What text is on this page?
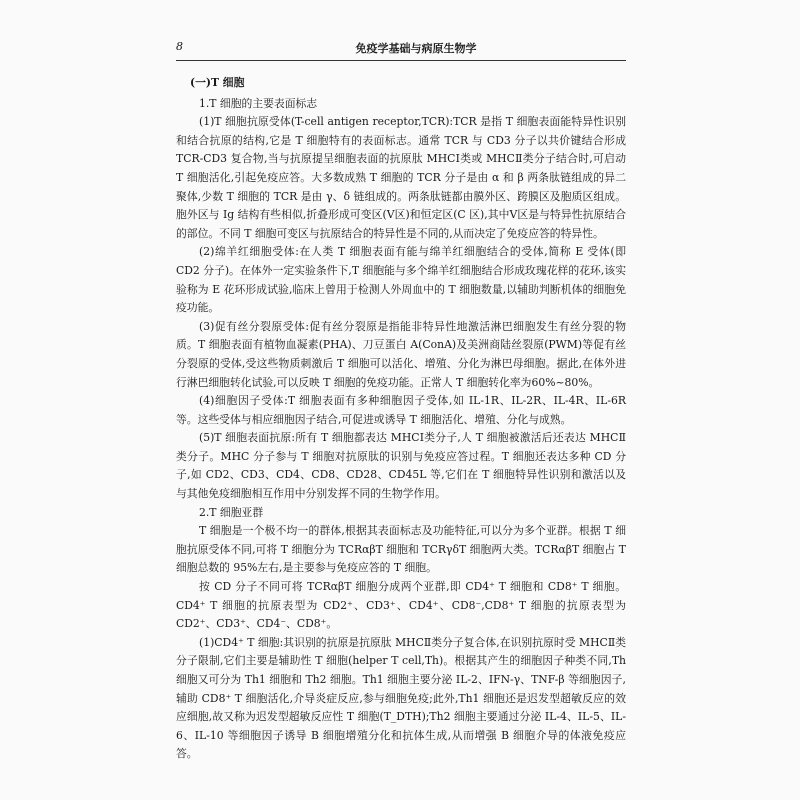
8	免疫学基础与病原生物学
(一)T 细胞
1.T 细胞的主要表面标志

(1)T 细胞抗原受体(T-cell antigen receptor,TCR):TCR 是指 T 细胞表面能特异性识别和结合抗原的结构,它是 T 细胞特有的表面标志。通常 TCR 与 CD3 分子以共价键结合形成 TCR-CD3 复合物,当与抗原提呈细胞表面的抗原肽 MHCⅠ类或 MHCⅡ类分子结合时,可启动 T 细胞活化,引起免疫应答。大多数成熟 T 细胞的 TCR 分子是由 α 和 β 两条肽链组成的异二聚体,少数 T 细胞的 TCR 是由 γ、δ 链组成的。两条肽链都由膜外区、跨膜区及胞质区组成。胞外区与 Ig 结构有些相似,折叠形成可变区(Ⅴ区)和恒定区(C 区),其中Ⅴ区是与特异性抗原结合的部位。不同 T 细胞可变区与抗原结合的特异性是不同的,从而决定了免疫应答的特异性。

(2)绵羊红细胞受体:在人类 T 细胞表面有能与绵羊红细胞结合的受体,简称 E 受体(即 CD2 分子)。在体外一定实验条件下,T 细胞能与多个绵羊红细胞结合形成玫瑰花样的花环,该实验称为 E 花环形成试验,临床上曾用于检测人外周血中的 T 细胞数量,以辅助判断机体的细胞免疫功能。

(3)促有丝分裂原受体:促有丝分裂原是指能非特异性地激活淋巴细胞发生有丝分裂的物质。T 细胞表面有植物血凝素(PHA)、刀豆蛋白 A(ConA)及美洲商陆丝裂原(PWM)等促有丝分裂原的受体,受这些物质刺激后 T 细胞可以活化、增殖、分化为淋巴母细胞。据此,在体外进行淋巴细胞转化试验,可以反映 T 细胞的免疫功能。正常人 T 细胞转化率为60%~80%。

(4)细胞因子受体:T 细胞表面有多种细胞因子受体,如 IL-1R、IL-2R、IL-4R、IL-6R 等。这些受体与相应细胞因子结合,可促进或诱导 T 细胞活化、增殖、分化与成熟。

(5)T 细胞表面抗原:所有 T 细胞都表达 MHCⅠ类分子,人 T 细胞被激活后还表达 MHCⅡ类分子。MHC 分子参与 T 细胞对抗原肽的识别与免疫应答过程。T 细胞还表达多种 CD 分子,如 CD2、CD3、CD4、CD8、CD28、CD45L 等,它们在 T 细胞特异性识别和激活以及与其他免疫细胞相互作用中分别发挥不同的生物学作用。

2.T 细胞亚群

T 细胞是一个极不均一的群体,根据其表面标志及功能特征,可以分为多个亚群。根据 T 细胞抗原受体不同,可将 T 细胞分为 TCRαβT 细胞和 TCRγδT 细胞两大类。TCRαβT 细胞占 T 细胞总数的 95%左右,是主要参与免疫应答的 T 细胞。

按 CD 分子不同可将 TCRαβT 细胞分成两个亚群,即 CD4⁺ T 细胞和 CD8⁺ T 细胞。CD4⁺ T 细胞的抗原表型为 CD2⁺、CD3⁺、CD4⁺、CD8⁻,CD8⁺ T 细胞的抗原表型为 CD2⁺、CD3⁺、CD4⁻、CD8⁺。

(1)CD4⁺ T 细胞:其识别的抗原是抗原肽 MHCⅡ类分子复合体,在识别抗原时受 MHCⅡ类分子限制,它们主要是辅助性 T 细胞(helper T cell,Th)。根据其产生的细胞因子种类不同,Th 细胞又可分为 Th1 细胞和 Th2 细胞。Th1 细胞主要分泌 IL-2、IFN-γ、TNF-β 等细胞因子,辅助 CD8⁺ T 细胞活化,介导炎症反应,参与细胞免疫;此外,Th1 细胞还是迟发型超敏反应的效应细胞,故又称为迟发型超敏反应性 T 细胞(T_DTH);Th2 细胞主要通过分泌 IL-4、IL-5、IL-6、IL-10 等细胞因子诱导 B 细胞增殖分化和抗体生成,从而增强 B 细胞介导的体液免疫应答。
